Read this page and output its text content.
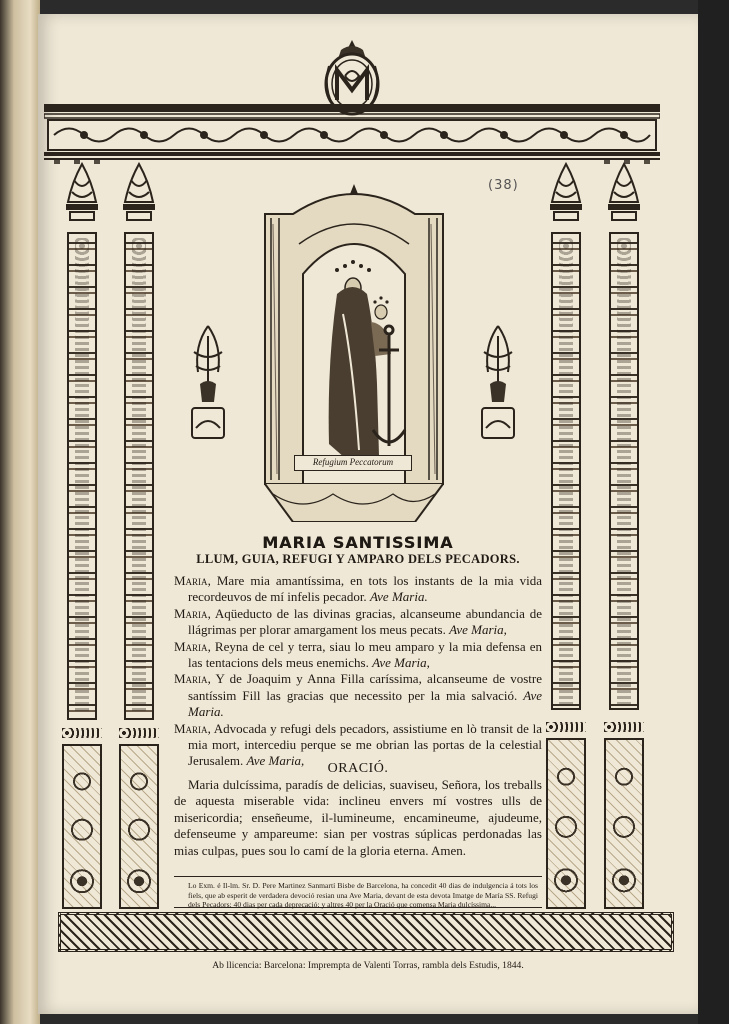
Refugium Peccatorum
(38)
MARIA SANTISSIMA
LLUM, GUIA, REFUGI Y AMPARO DELS PECADORS.

Maria, Mare mia amantíssima, en tots los instants de la mia vida recordeuvos de mí infelis pecador. Ave Maria.

Maria, Aqüeducto de las divinas gracias, alcanseume abundancia de llágrimas per plorar amargament los meus pecats. Ave Maria,

Maria, Reyna de cel y terra, siau lo meu amparo y la mia defensa en las tentacions dels meus enemichs. Ave Maria,

Maria, Y de Joaquim y Anna Filla caríssima, alcanseume de vostre santíssim Fill las gracias que necessito per la mia salvació. Ave Maria.

Maria, Advocada y refugi dels pecadors, assistiume en lò transit de la mia mort, intercediu perque se me obrian las portas de la celestial Jerusalem. Ave Maria,

ORACIÓ.

Maria dulcíssima, paradís de delicias, suaviseu, Señora, los treballs de aquesta miserable vida: inclineu envers mí vostres ulls de misericordia; enseñeume, il-lumineume, encamineume, ajudeume, defenseume y ampareume: sian per vostras súplicas perdonadas las mias culpas, pues sou lo camí de la gloria eterna. Amen.

Lo Exm. é Il-lm. Sr. D. Pere Martinez Sanmartí Bisbe de Barcelona, ha concedit 40 dias de indulgencia á tots los fiels, que ab esperit de verdadera devoció resian una Ave Maria, devant de esta devota Imatge de María SS. Refugi dels Pecadors: 40 dias per cada deprecació; y altres 40 per la Oració que comensa Maria dulcíssima...
Ab llicencia: Barcelona: Imprempta de Valenti Torras, rambla dels Estudis, 1844.
